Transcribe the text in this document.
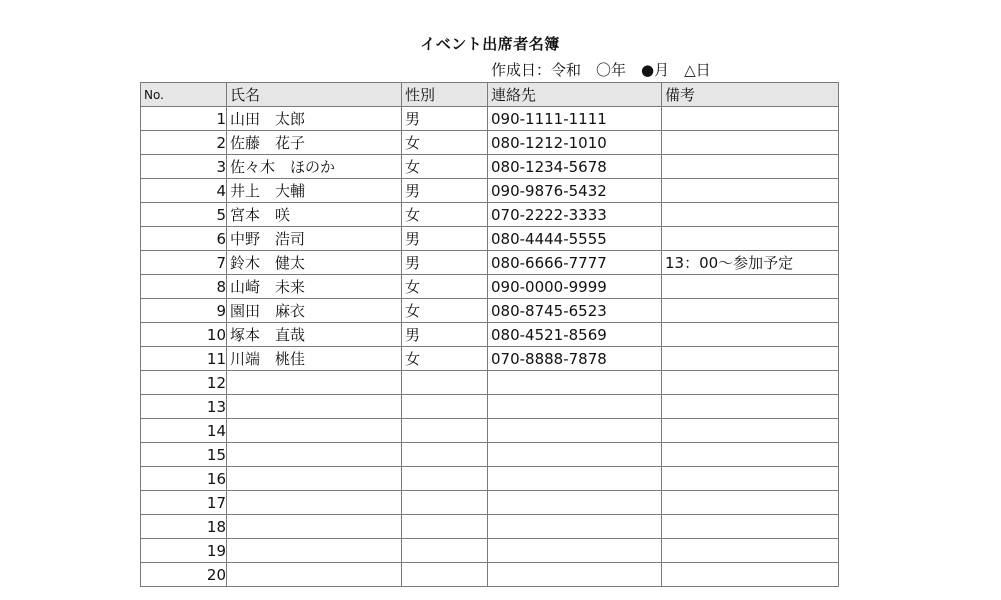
イベント出席者名簿
作成日：令和　〇年　●月　△日
No.	氏名	性別	連絡先	備考
1	山田　太郎	男	090-1111-1111	
2	佐藤　花子	女	080-1212-1010	
3	佐々木　ほのか	女	080-1234-5678	
4	井上　大輔	男	090-9876-5432	
5	宮本　咲	女	070-2222-3333	
6	中野　浩司	男	080-4444-5555	
7	鈴木　健太	男	080-6666-7777	13：00～参加予定
8	山崎　未来	女	090-0000-9999	
9	園田　麻衣	女	080-8745-6523	
10	塚本　直哉	男	080-4521-8569	
11	川端　桃佳	女	070-8888-7878	
12				
13				
14				
15				
16				
17				
18				
19				
20				
